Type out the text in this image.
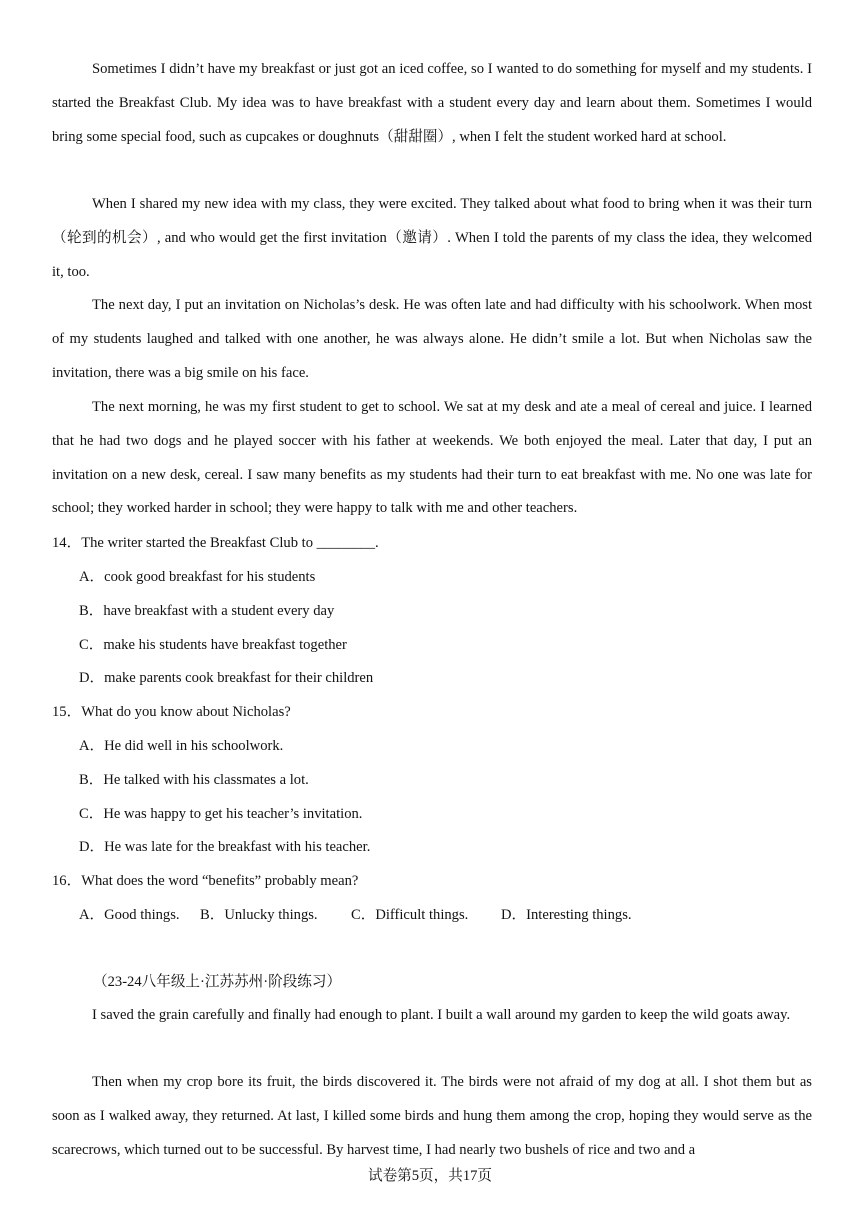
Sometimes I didn’t have my breakfast or just got an iced coffee, so I wanted to do something for myself and my students. I started the Breakfast Club. My idea was to have breakfast with a student every day and learn about them. Sometimes I would bring some special food, such as cupcakes or doughnuts（甜甜圈）, when I felt the student worked hard at school.

When I shared my new idea with my class, they were excited. They talked about what food to bring when it was their turn（轮到的机会）, and who would get the first invitation（邀请）. When I told the parents of my class the idea, they welcomed it, too.

The next day, I put an invitation on Nicholas’s desk. He was often late and had difficulty with his schoolwork. When most of my students laughed and talked with one another, he was always alone. He didn’t smile a lot. But when Nicholas saw the invitation, there was a big smile on his face.

The next morning, he was my first student to get to school. We sat at my desk and ate a meal of cereal and juice. I learned that he had two dogs and he played soccer with his father at weekends. We both enjoyed the meal. Later that day, I put an invitation on a new desk, cereal. I saw many benefits as my students had their turn to eat breakfast with me. No one was late for school; they worked harder in school; they were happy to talk with me and other teachers.

14．The writer started the Breakfast Club to ________.
A．cook good breakfast for his students
B．have breakfast with a student every day
C．make his students have breakfast together
D．make parents cook breakfast for their children
15．What do you know about Nicholas?
A．He did well in his schoolwork.
B．He talked with his classmates a lot.
C．He was happy to get his teacher’s invitation.
D．He was late for the breakfast with his teacher.
16．What does the word “benefits” probably mean?
A．Good things. B．Unlucky things. C．Difficult things. D．Interesting things.
（23-24八年级上·江苏苏州·阶段练习）

I saved the grain carefully and finally had enough to plant. I built a wall around my garden to keep the wild goats away.

Then when my crop bore its fruit, the birds discovered it. The birds were not afraid of my dog at all. I shot them but as soon as I walked away, they returned. At last, I killed some birds and hung them among the crop, hoping they would serve as the scarecrows, which turned out to be successful. By harvest time, I had nearly two bushels of rice and two and a

试卷第5页，共17页
